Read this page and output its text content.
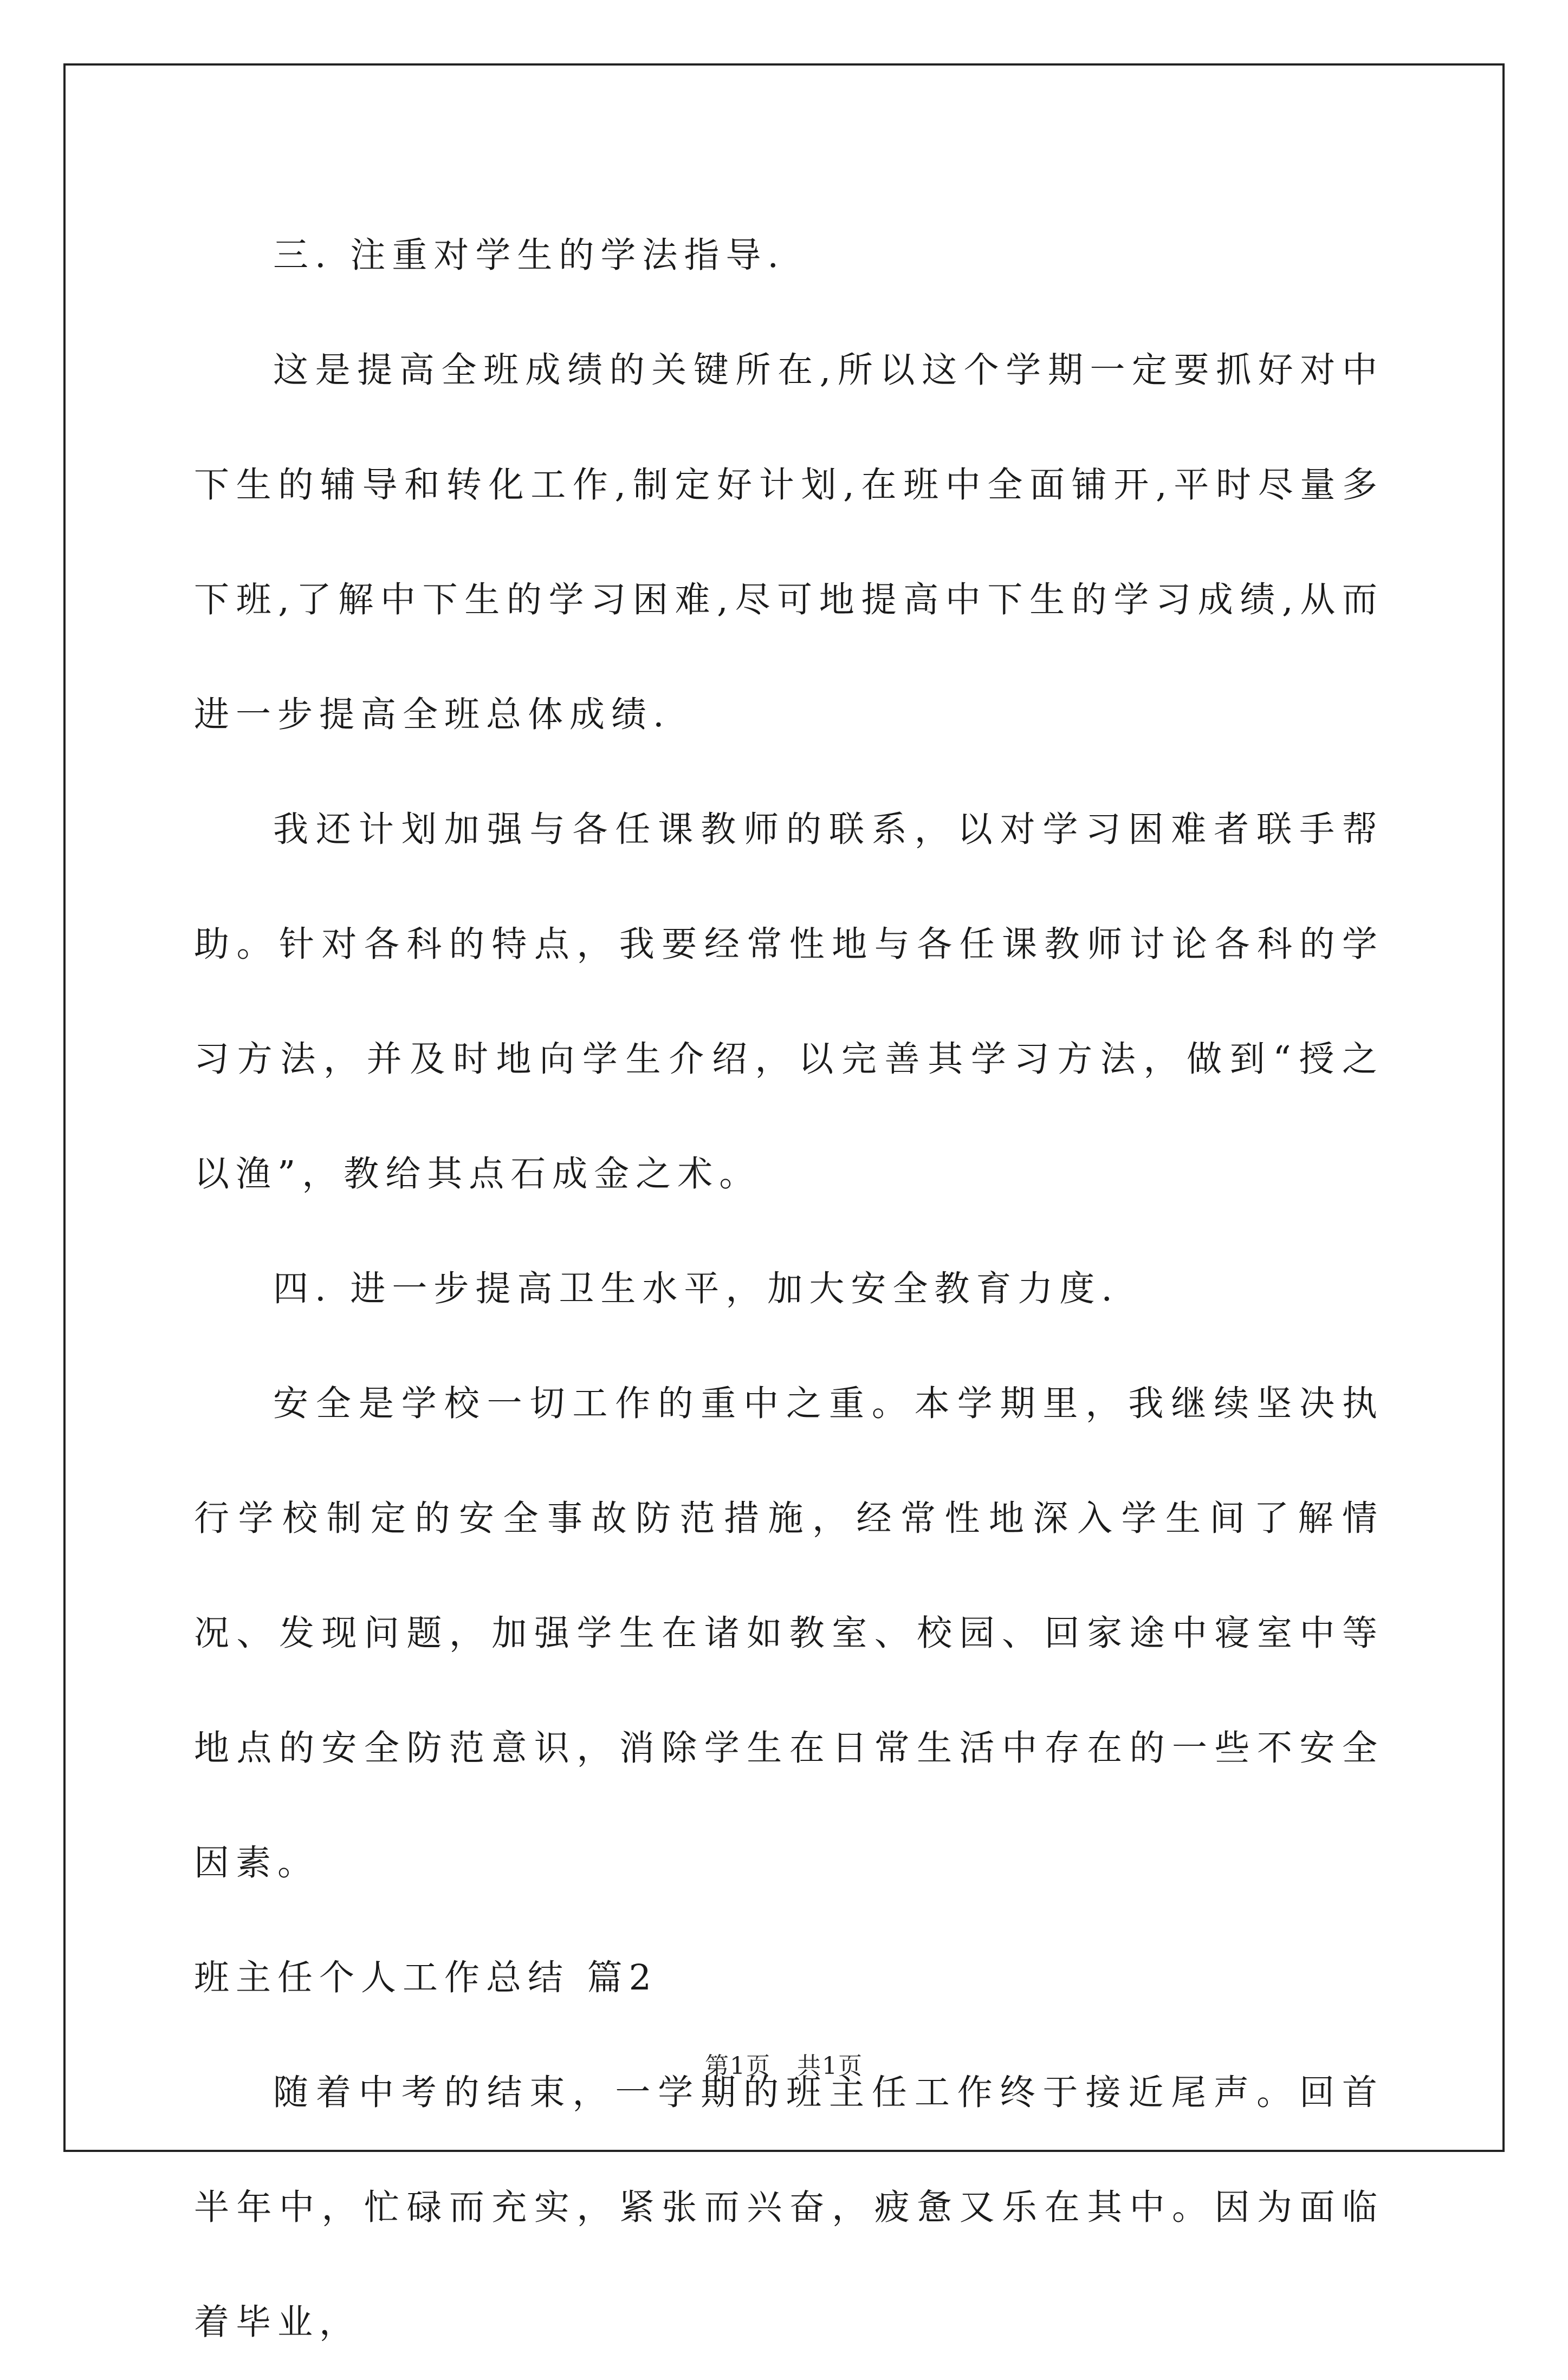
三. 注重对学生的学法指导.

这是提高全班成绩的关键所在,所以这个学期一定要抓好对中下生的辅导和转化工作,制定好计划,在班中全面铺开,平时尽量多下班,了解中下生的学习困难,尽可地提高中下生的学习成绩,从而进一步提高全班总体成绩.

我还计划加强与各任课教师的联系，以对学习困难者联手帮助。针对各科的特点，我要经常性地与各任课教师讨论各科的学习方法，并及时地向学生介绍，以完善其学习方法，做到“授之以渔”，教给其点石成金之术。

四. 进一步提高卫生水平，加大安全教育力度.

安全是学校一切工作的重中之重。本学期里，我继续坚决执行学校制定的安全事故防范措施，经常性地深入学生间了解情况、发现问题，加强学生在诸如教室、校园、回家途中寝室中等地点的安全防范意识，消除学生在日常生活中存在的一些不安全因素。

班主任个人工作总结 篇2

随着中考的结束，一学期的班主任工作终于接近尾声。回首半年中，忙碌而充实，紧张而兴奋，疲惫又乐在其中。因为面临着毕业，

第1页 共1页
